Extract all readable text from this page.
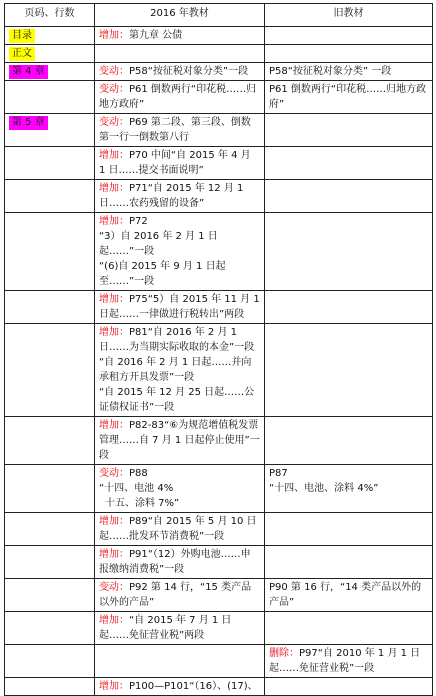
页码、行数	2016 年教材	旧教材
目录	增加：第九章 公债	

正文		
第 4 章	变动：P58“按征税对象分类”一段	P58“按征税对象分类” 一段

	变动：P61 倒数两行“印花税……归地方政府”	P61 倒数两行“印花税……归地方政府”

第 5 章	变动：P69 第二段、第三段、倒数第一行一倒数第八行	

	增加：P70 中间“自 2015 年 4 月 1 日……提交书面说明”	

	增加：P71“自 2015 年 12 月 1 日……农药残留的设备”	

	增加：P72
“3）自 2016 年 2 月 1 日起……”一段
“(6)自 2015 年 9 月 1 日起至……”一段	

	增加：P75“5）自 2015 年 11 月 1 日起……一律做进行税转出”两段	

	增加：P81“自 2016 年 2 月 1 日……为当期实际收取的本金”一段
“自 2016 年 2 月 1 日起……并向承租方开具发票”一段
“自 2015 年 12 月 25 日起……公证债权证书”一段	

	增加：P82-83“⑥为规范增值税发票管理……自 7 月 1 日起停止使用”一段	

	变动：P88
“十四、电池 4%
十五、涂料 7%”	P87
“十四、电池、涂料 4%”

	增加：P89“自 2015 年 5 月 10 日起……批发环节消费税”一段	

	增加：P91“（12）外购电池……申报缴纳消费税”一段	

	变动：P92 第 14 行，“15 类产品以外的产品”	P90 第 16 行，“14 类产品以外的产品”

	增加：“自 2015 年 7 月 1 日起……免征营业税”两段	

		删除：P97“自 2010 年 1 月 1 日起……免征营业税”一段

	增加：P100—P101“（16）、(17)、	
